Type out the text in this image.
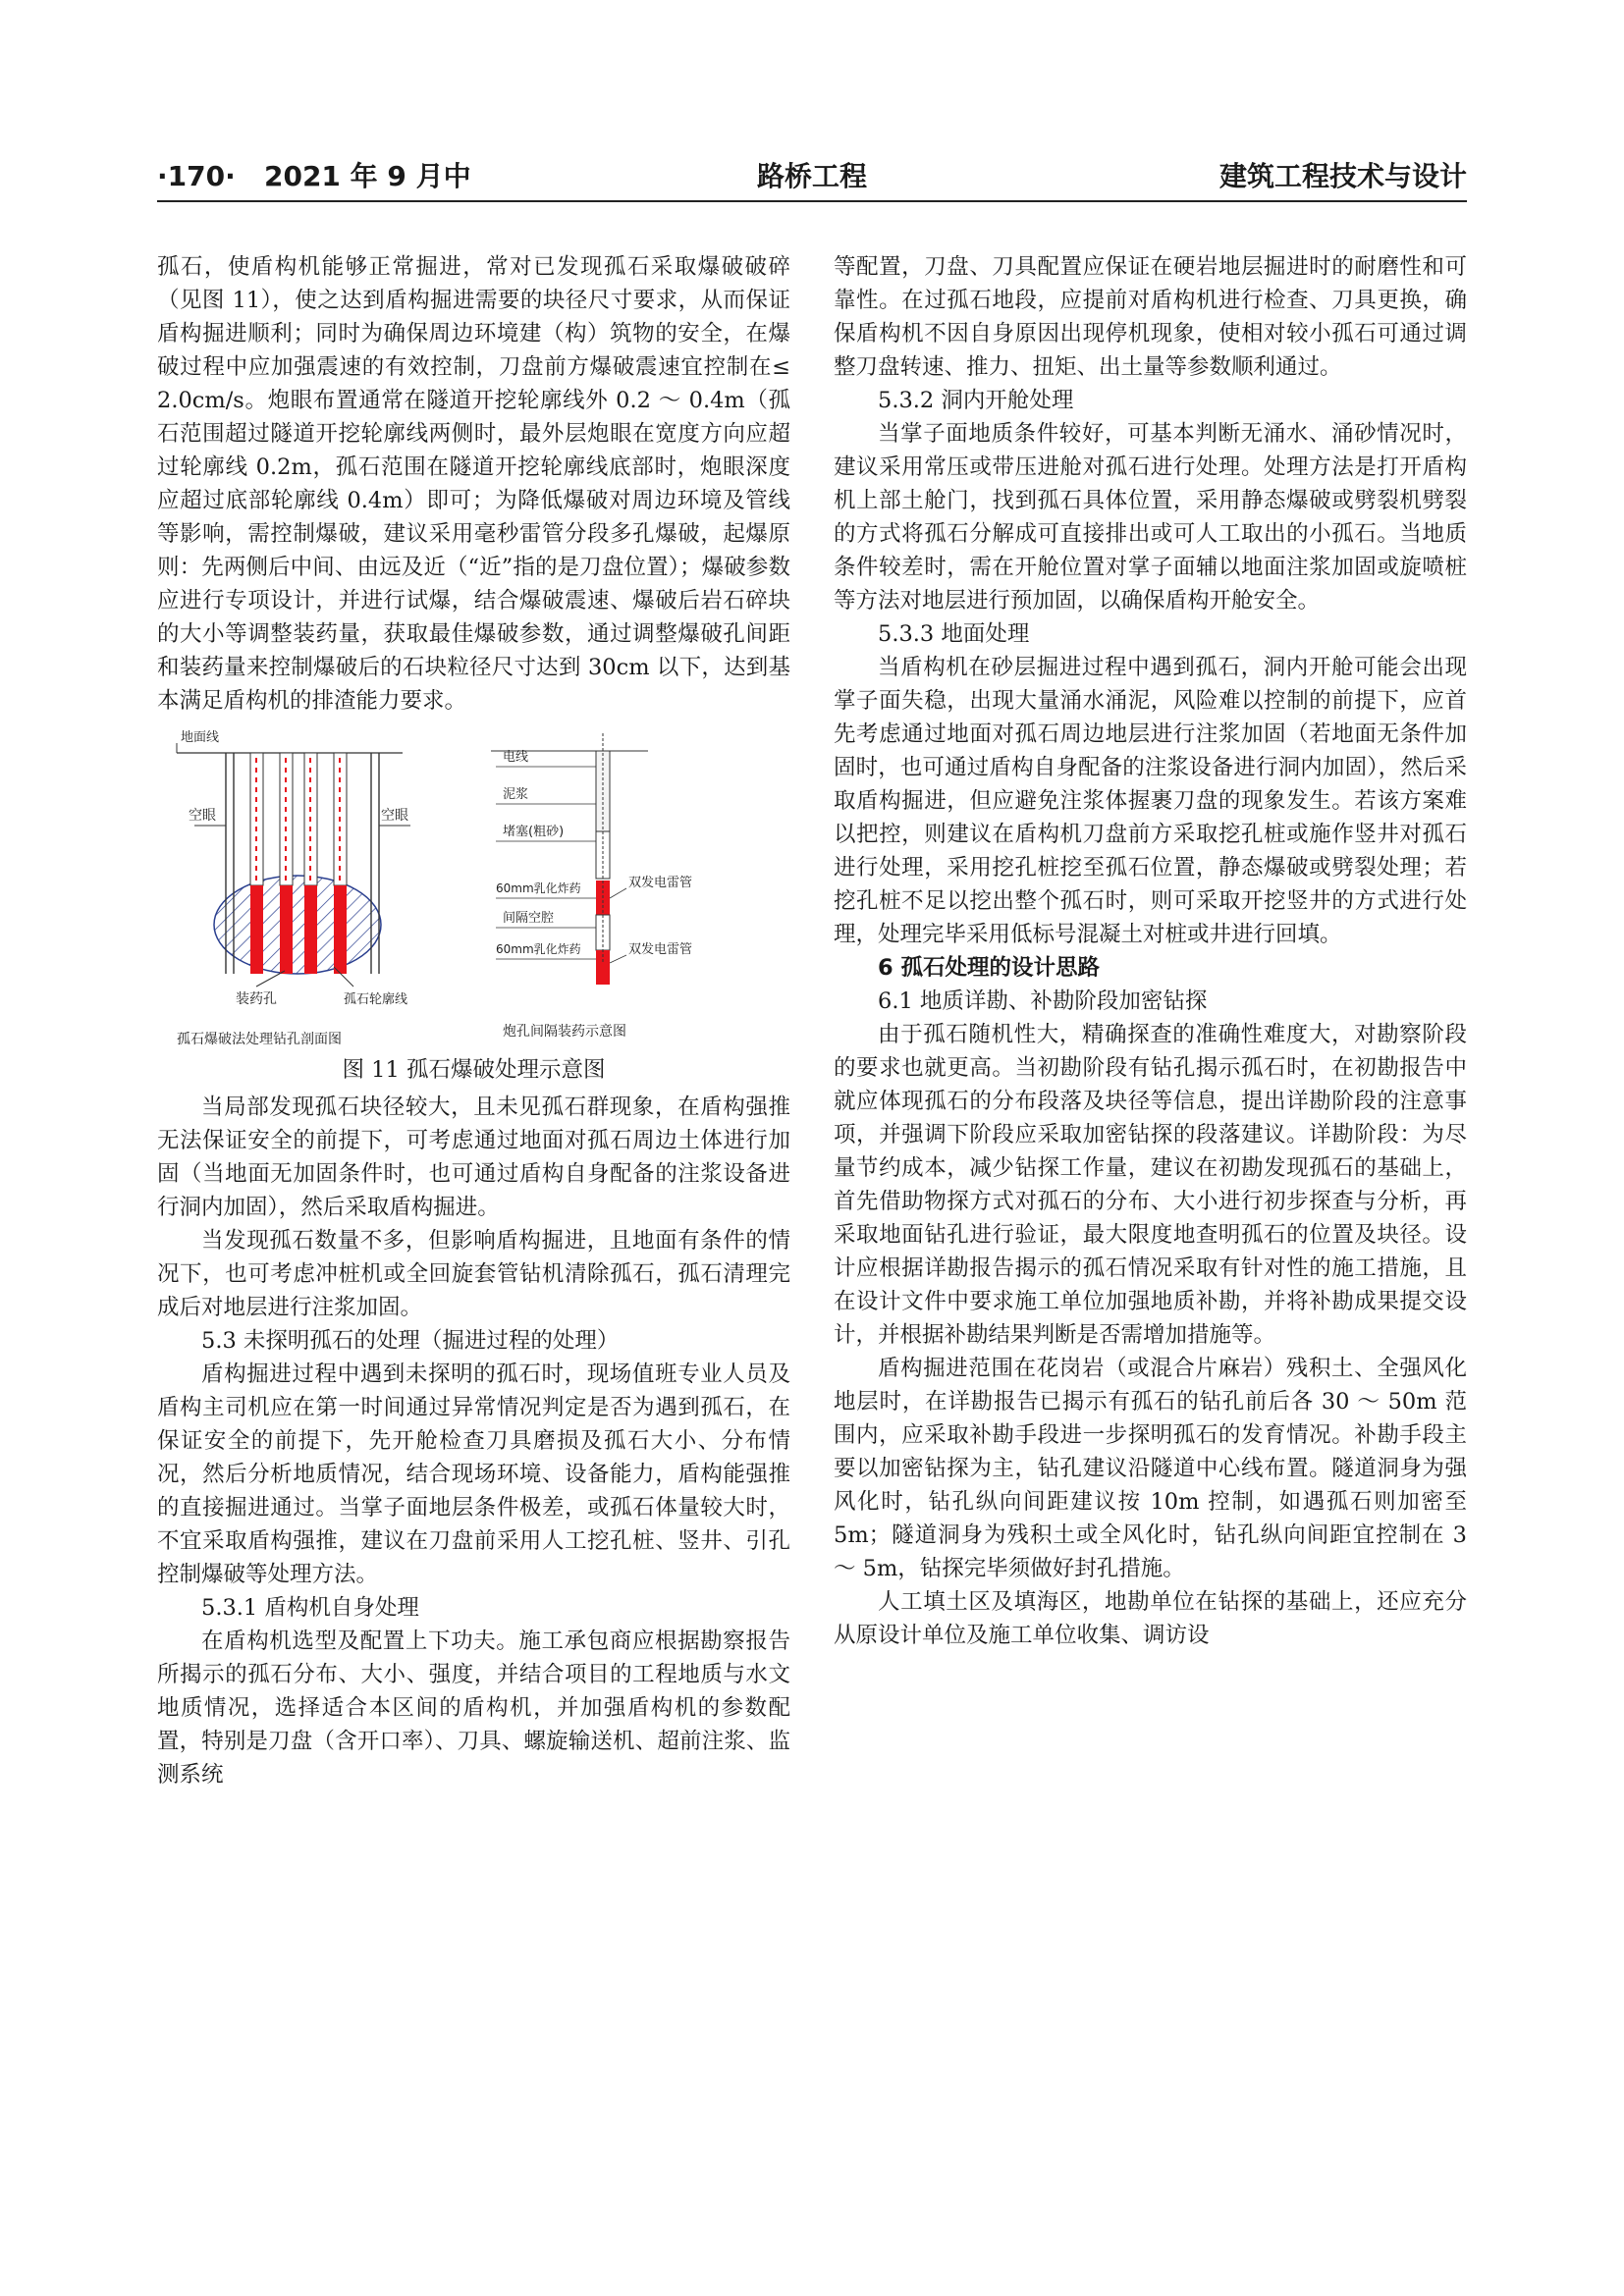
·170· 2021 年 9 月中	路桥工程	建筑工程技术与设计

孤石，使盾构机能够正常掘进，常对已发现孤石采取爆破破碎（见图 11），使之达到盾构掘进需要的块径尺寸要求，从而保证盾构掘进顺利；同时为确保周边环境建（构）筑物的安全，在爆破过程中应加强震速的有效控制，刀盘前方爆破震速宜控制在≤ 2.0cm/s。炮眼布置通常在隧道开挖轮廓线外 0.2 ～ 0.4m（孤石范围超过隧道开挖轮廓线两侧时，最外层炮眼在宽度方向应超过轮廓线 0.2m，孤石范围在隧道开挖轮廓线底部时，炮眼深度应超过底部轮廓线 0.4m）即可；为降低爆破对周边环境及管线等影响，需控制爆破，建议采用毫秒雷管分段多孔爆破，起爆原则：先两侧后中间、由远及近（“近”指的是刀盘位置）；爆破参数应进行专项设计，并进行试爆，结合爆破震速、爆破后岩石碎块的大小等调整装药量，获取最佳爆破参数，通过调整爆破孔间距和装药量来控制爆破后的石块粒径尺寸达到 30cm 以下，达到基本满足盾构机的排渣能力要求。

地面线
空眼	空眼
装药孔	孤石轮廓线
孤石爆破法处理钻孔剖面图
电线
泥浆
堵塞(粗砂)
60mm乳化炸药
间隔空腔
60mm乳化炸药
双发电雷管
双发电雷管
炮孔间隔装药示意图
图 11 孤石爆破处理示意图

当局部发现孤石块径较大，且未见孤石群现象，在盾构强推无法保证安全的前提下，可考虑通过地面对孤石周边土体进行加固（当地面无加固条件时，也可通过盾构自身配备的注浆设备进行洞内加固），然后采取盾构掘进。

当发现孤石数量不多，但影响盾构掘进，且地面有条件的情况下，也可考虑冲桩机或全回旋套管钻机清除孤石，孤石清理完成后对地层进行注浆加固。

5.3 未探明孤石的处理（掘进过程的处理）

盾构掘进过程中遇到未探明的孤石时，现场值班专业人员及盾构主司机应在第一时间通过异常情况判定是否为遇到孤石，在保证安全的前提下，先开舱检查刀具磨损及孤石大小、分布情况，然后分析地质情况，结合现场环境、设备能力，盾构能强推的直接掘进通过。当掌子面地层条件极差，或孤石体量较大时，不宜采取盾构强推，建议在刀盘前采用人工挖孔桩、竖井、引孔控制爆破等处理方法。

5.3.1 盾构机自身处理

在盾构机选型及配置上下功夫。施工承包商应根据勘察报告所揭示的孤石分布、大小、强度，并结合项目的工程地质与水文地质情况，选择适合本区间的盾构机，并加强盾构机的参数配置，特别是刀盘（含开口率）、刀具、螺旋输送机、超前注浆、监测系统

等配置，刀盘、刀具配置应保证在硬岩地层掘进时的耐磨性和可靠性。在过孤石地段，应提前对盾构机进行检查、刀具更换，确保盾构机不因自身原因出现停机现象，使相对较小孤石可通过调整刀盘转速、推力、扭矩、出土量等参数顺利通过。

5.3.2 洞内开舱处理

当掌子面地质条件较好，可基本判断无涌水、涌砂情况时，建议采用常压或带压进舱对孤石进行处理。处理方法是打开盾构机上部土舱门，找到孤石具体位置，采用静态爆破或劈裂机劈裂的方式将孤石分解成可直接排出或可人工取出的小孤石。当地质条件较差时，需在开舱位置对掌子面辅以地面注浆加固或旋喷桩等方法对地层进行预加固，以确保盾构开舱安全。

5.3.3 地面处理

当盾构机在砂层掘进过程中遇到孤石，洞内开舱可能会出现掌子面失稳，出现大量涌水涌泥，风险难以控制的前提下，应首先考虑通过地面对孤石周边地层进行注浆加固（若地面无条件加固时，也可通过盾构自身配备的注浆设备进行洞内加固），然后采取盾构掘进，但应避免注浆体握裹刀盘的现象发生。若该方案难以把控，则建议在盾构机刀盘前方采取挖孔桩或施作竖井对孤石进行处理，采用挖孔桩挖至孤石位置，静态爆破或劈裂处理；若挖孔桩不足以挖出整个孤石时，则可采取开挖竖井的方式进行处理，处理完毕采用低标号混凝土对桩或井进行回填。

6 孤石处理的设计思路

6.1 地质详勘、补勘阶段加密钻探

由于孤石随机性大，精确探查的准确性难度大，对勘察阶段的要求也就更高。当初勘阶段有钻孔揭示孤石时，在初勘报告中就应体现孤石的分布段落及块径等信息，提出详勘阶段的注意事项，并强调下阶段应采取加密钻探的段落建议。详勘阶段：为尽量节约成本，减少钻探工作量，建议在初勘发现孤石的基础上，首先借助物探方式对孤石的分布、大小进行初步探查与分析，再采取地面钻孔进行验证，最大限度地查明孤石的位置及块径。设计应根据详勘报告揭示的孤石情况采取有针对性的施工措施，且在设计文件中要求施工单位加强地质补勘，并将补勘成果提交设计，并根据补勘结果判断是否需增加措施等。

盾构掘进范围在花岗岩（或混合片麻岩）残积土、全强风化地层时，在详勘报告已揭示有孤石的钻孔前后各 30 ～ 50m 范围内，应采取补勘手段进一步探明孤石的发育情况。补勘手段主要以加密钻探为主，钻孔建议沿隧道中心线布置。隧道洞身为强风化时，钻孔纵向间距建议按 10m 控制，如遇孤石则加密至 5m；隧道洞身为残积土或全风化时，钻孔纵向间距宜控制在 3 ～ 5m，钻探完毕须做好封孔措施。

人工填土区及填海区，地勘单位在钻探的基础上，还应充分从原设计单位及施工单位收集、调访设
